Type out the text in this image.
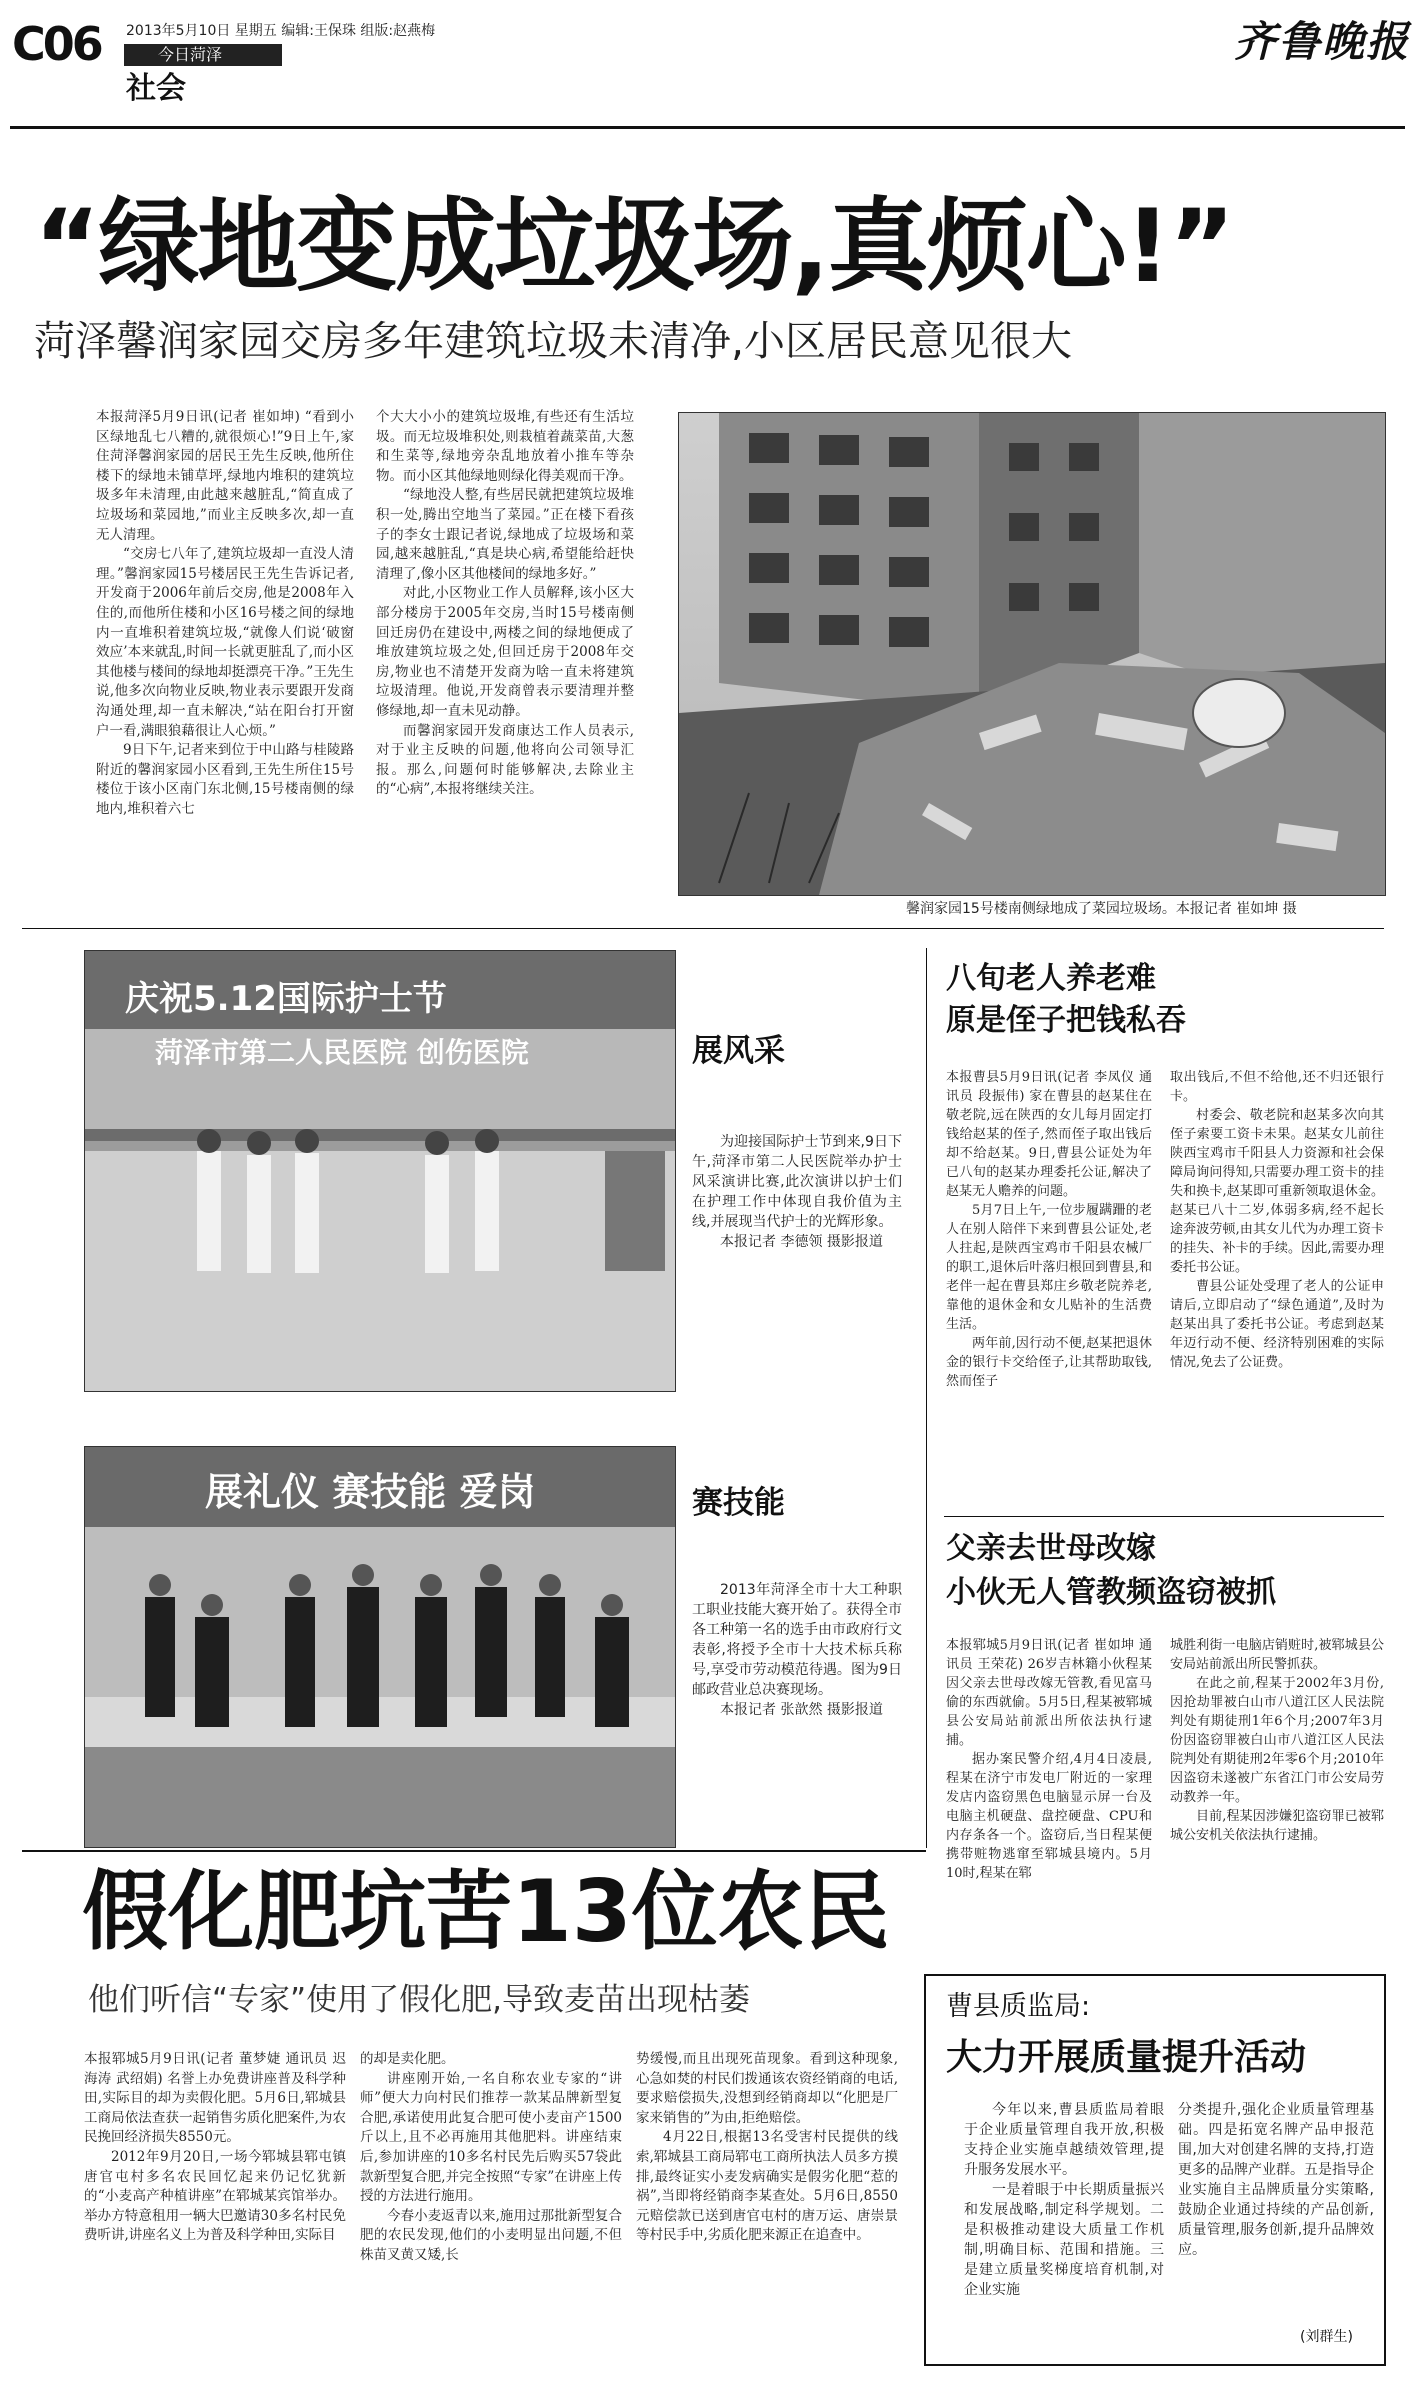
C06 2013年5月10日 星期五 编辑:王保珠 组版:赵燕梅
今日菏泽
社会
齐鲁晚报
“绿地变成垃圾场,真烦心!”
菏泽馨润家园交房多年建筑垃圾未清净,小区居民意见很大

本报菏泽5月9日讯(记者 崔如坤) “看到小区绿地乱七八糟的,就很烦心!”9日上午,家住菏泽馨润家园的居民王先生反映,他所住楼下的绿地未铺草坪,绿地内堆积的建筑垃圾多年未清理,由此越来越脏乱,“简直成了垃圾场和菜园地,”而业主反映多次,却一直无人清理。

“交房七八年了,建筑垃圾却一直没人清理。”馨润家园15号楼居民王先生告诉记者,开发商于2006年前后交房,他是2008年入住的,而他所住楼和小区16号楼之间的绿地内一直堆积着建筑垃圾,“就像人们说‘破窗效应’本来就乱,时间一长就更脏乱了,而小区其他楼与楼间的绿地却挺漂亮干净。”王先生说,他多次向物业反映,物业表示要跟开发商沟通处理,却一直未解决,“站在阳台打开窗户一看,满眼狼藉很让人心烦。”

9日下午,记者来到位于中山路与桂陵路附近的馨润家园小区看到,王先生所住15号楼位于该小区南门东北侧,15号楼南侧的绿地内,堆积着六七

个大大小小的建筑垃圾堆,有些还有生活垃圾。而无垃圾堆积处,则栽植着蔬菜苗,大葱和生菜等,绿地旁杂乱地放着小推车等杂物。而小区其他绿地则绿化得美观而干净。

“绿地没人整,有些居民就把建筑垃圾堆积一处,腾出空地当了菜园。”正在楼下看孩子的李女士跟记者说,绿地成了垃圾场和菜园,越来越脏乱,“真是块心病,希望能给赶快清理了,像小区其他楼间的绿地多好。”

对此,小区物业工作人员解释,该小区大部分楼房于2005年交房,当时15号楼南侧回迁房仍在建设中,两楼之间的绿地便成了堆放建筑垃圾之处,但回迁房于2008年交房,物业也不清楚开发商为啥一直未将建筑垃圾清理。他说,开发商曾表示要清理并整修绿地,却一直未见动静。

而馨润家园开发商康达工作人员表示,对于业主反映的问题,他将向公司领导汇报。那么,问题何时能够解决,去除业主的“心病”,本报将继续关注。

馨润家园15号楼南侧绿地成了菜园垃圾场。本报记者 崔如坤 摄
庆祝5.12国际护士节
菏泽市第二人民医院 创伤医院	展风采

为迎接国际护士节到来,9日下午,菏泽市第二人民医院举办护士风采演讲比赛,此次演讲以护士们在护理工作中体现自我价值为主线,并展现当代护士的光辉形象。

本报记者 李德领 摄影报道

展礼仪 赛技能 爱岗	赛技能

2013年菏泽全市十大工种职工职业技能大赛开始了。获得全市各工种第一名的选手由市政府行文表彰,将授予全市十大技术标兵称号,享受市劳动模范待遇。图为9日邮政营业总决赛现场。

本报记者 张歆然 摄影报道

八旬老人养老难
原是侄子把钱私吞

本报曹县5月9日讯(记者 李凤仪 通讯员 段振伟) 家在曹县的赵某住在敬老院,远在陕西的女儿每月固定打钱给赵某的侄子,然而侄子取出钱后却不给赵某。9日,曹县公证处为年已八旬的赵某办理委托公证,解决了赵某无人赡养的问题。

5月7日上午,一位步履蹒跚的老人在别人陪伴下来到曹县公证处,老人拄起,是陕西宝鸡市千阳县农械厂的职工,退休后叶落归根回到曹县,和老伴一起在曹县郑庄乡敬老院养老,靠他的退休金和女儿贴补的生活费生活。

两年前,因行动不便,赵某把退休金的银行卡交给侄子,让其帮助取钱,然而侄子

取出钱后,不但不给他,还不归还银行卡。

村委会、敬老院和赵某多次向其侄子索要工资卡未果。赵某女儿前往陕西宝鸡市千阳县人力资源和社会保障局询问得知,只需要办理工资卡的挂失和换卡,赵某即可重新领取退休金。赵某已八十二岁,体弱多病,经不起长途奔波劳顿,由其女儿代为办理工资卡的挂失、补卡的手续。因此,需要办理委托书公证。

曹县公证处受理了老人的公证申请后,立即启动了“绿色通道”,及时为赵某出具了委托书公证。考虑到赵某年迈行动不便、经济特别困难的实际情况,免去了公证费。

父亲去世母改嫁
小伙无人管教频盗窃被抓

本报郓城5月9日讯(记者 崔如坤 通讯员 王荣花) 26岁吉林籍小伙程某因父亲去世母改嫁无管教,看见富马偷的东西就偷。5月5日,程某被郓城县公安局站前派出所依法执行逮捕。

据办案民警介绍,4月4日凌晨,程某在济宁市发电厂附近的一家理发店内盗窃黑色电脑显示屏一台及电脑主机硬盘、盘控硬盘、CPU和内存条各一个。盗窃后,当日程某便携带赃物逃窜至郓城县境内。5月10时,程某在郓

城胜利街一电脑店销赃时,被郓城县公安局站前派出所民警抓获。

在此之前,程某于2002年3月份,因抢劫罪被白山市八道江区人民法院判处有期徒刑1年6个月;2007年3月份因盗窃罪被白山市八道江区人民法院判处有期徒刑2年零6个月;2010年因盗窃未遂被广东省江门市公安局劳动教养一年。

目前,程某因涉嫌犯盗窃罪已被郓城公安机关依法执行逮捕。

假化肥坑苦13位农民
他们听信“专家”使用了假化肥,导致麦苗出现枯萎

本报郓城5月9日讯(记者 董梦婕 通讯员 迟海涛 武绍娟) 名誉上办免费讲座普及科学种田,实际目的却为卖假化肥。5月6日,郓城县工商局依法查获一起销售劣质化肥案件,为农民挽回经济损失8550元。

2012年9月20日,一场今郓城县郓屯镇唐官屯村多名农民回忆起来仍记忆犹新的“小麦高产种植讲座”在郓城某宾馆举办。举办方特意租用一辆大巴邀请30多名村民免费听讲,讲座名义上为普及科学种田,实际目

的却是卖化肥。

讲座刚开始,一名自称农业专家的“讲师”便大力向村民们推荐一款某品牌新型复合肥,承诺使用此复合肥可使小麦亩产1500斤以上,且不必再施用其他肥料。讲座结束后,参加讲座的10多名村民先后购买57袋此款新型复合肥,并完全按照“专家”在讲座上传授的方法进行施用。

今春小麦返青以来,施用过那批新型复合肥的农民发现,他们的小麦明显出问题,不但株苗叉黄又矮,长

势缓慢,而且出现死苗现象。看到这种现象,心急如焚的村民们拨通该农资经销商的电话,要求赔偿损失,没想到经销商却以“化肥是厂家来销售的”为由,拒绝赔偿。

4月22日,根据13名受害村民提供的线索,郓城县工商局郓屯工商所执法人员多方摸排,最终证实小麦发病确实是假劣化肥“惹的祸”,当即将经销商李某查处。5月6日,8550元赔偿款已送到唐官屯村的唐万运、唐崇景等村民手中,劣质化肥来源正在追查中。

曹县质监局:
大力开展质量提升活动

今年以来,曹县质监局着眼于企业质量管理自我开放,积极支持企业实施卓越绩效管理,提升服务发展水平。

一是着眼于中长期质量振兴和发展战略,制定科学规划。二是积极推动建设大质量工作机制,明确目标、范围和措施。三是建立质量奖梯度培育机制,对企业实施

分类提升,强化企业质量管理基础。四是拓宽名牌产品申报范围,加大对创建名牌的支持,打造更多的品牌产业群。五是指导企业实施自主品牌质量分实策略,鼓励企业通过持续的产品创新,质量管理,服务创新,提升品牌效应。

(刘群生)
